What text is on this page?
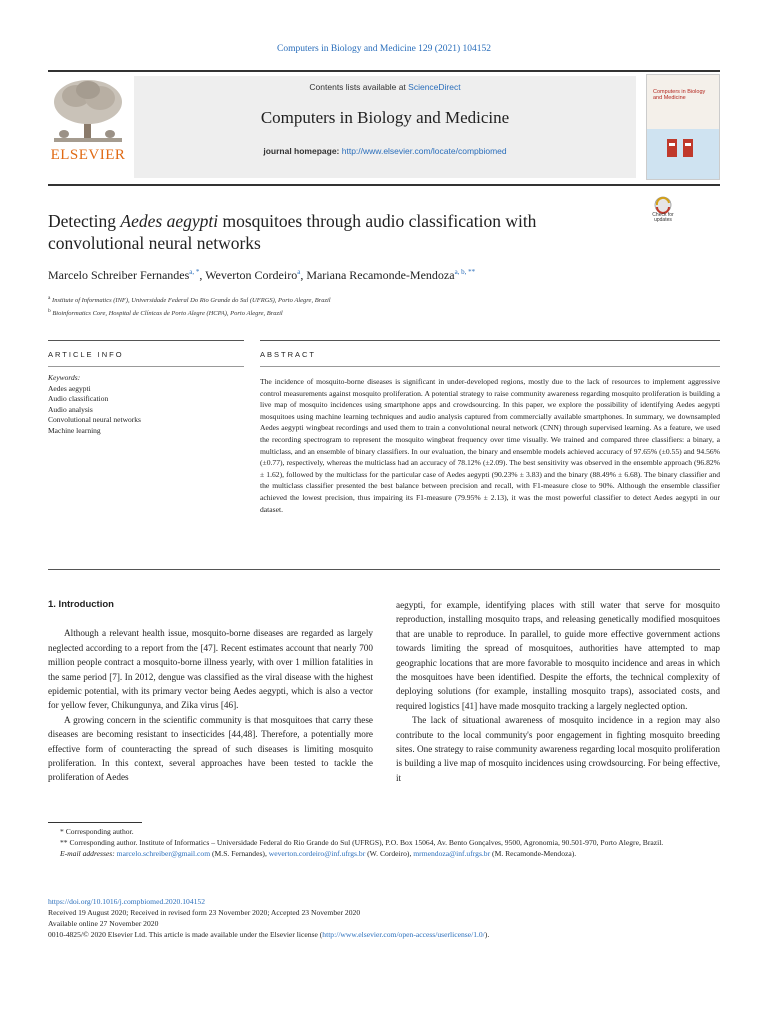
Computers in Biology and Medicine 129 (2021) 104152
ELSEVIER
Contents lists available at ScienceDirect
Computers in Biology and Medicine
journal homepage: http://www.elsevier.com/locate/compbiomed
Computers in Biology and Medicine
Check for updates
Detecting Aedes aegypti mosquitoes through audio classification with convolutional neural networks
Marcelo Schreiber Fernandes$^{a, *}$, Weverton Cordeiro$^a$, Mariana Recamonde-Mendoza$^{a, b, **}$
$^a$ Institute of Informatics (INF), Universidade Federal Do Rio Grande do Sul (UFRGS), Porto Alegre, Brazil
$^b$ Bioinformatics Core, Hospital de Clínicas de Porto Alegre (HCPA), Porto Alegre, Brazil
ARTICLE INFO	ABSTRACT
Keywords:
Aedes aegypti
Audio classification
Audio analysis
Convolutional neural networks
Machine learning

The incidence of mosquito-borne diseases is significant in under-developed regions, mostly due to the lack of resources to implement aggressive control measurements against mosquito proliferation. A potential strategy to raise community awareness regarding mosquito proliferation is building a live map of mosquito incidences using smartphone apps and crowdsourcing. In this paper, we explore the possibility of identifying Aedes aegypti mosquitoes using machine learning techniques and audio analysis captured from commercially available smartphones. In summary, we downsampled Aedes aegypti wingbeat recordings and used them to train a convolutional neural network (CNN) through supervised learning. As a feature, we used the recording spectrogram to represent the mosquito wingbeat frequency over time visually. We trained and compared three classifiers: a binary, a multiclass, and an ensemble of binary classifiers. In our evaluation, the binary and ensemble models achieved accuracy of 97.65% (±0.55) and 94.56% (±0.77), respectively, whereas the multiclass had an accuracy of 78.12% (±2.09). The best sensitivity was observed in the ensemble approach (96.82% ± 1.62), followed by the multiclass for the particular case of Aedes aegypti (90.23% ± 3.83) and the binary (88.49% ± 6.68). The binary classifier and the multiclass classifier presented the best balance between precision and recall, with F1-measure close to 90%. Although the ensemble classifier achieved the lowest precision, thus impairing its F1-measure (79.95% ± 2.13), it was the most powerful classifier to detect Aedes aegypti in our dataset.

1. Introduction

Although a relevant health issue, mosquito-borne diseases are regarded as largely neglected according to a report from the [47]. Recent estimates account that nearly 700 million people contract a mosquito-borne illness yearly, with over 1 million fatalities in the same period [7]. In 2012, dengue was classified as the viral disease with the highest epidemic potential, with its primary vector being Aedes aegypti, which is also a vector for yellow fever, Chikungunya, and Zika virus [46].

A growing concern in the scientific community is that mosquitoes that carry these diseases are becoming resistant to insecticides [44,48]. Therefore, a potentially more effective form of counteracting the spread of such diseases is limiting mosquito proliferation. In this context, several approaches have been tested to tackle the proliferation of Aedes

aegypti, for example, identifying places with still water that serve for mosquito reproduction, installing mosquito traps, and releasing genetically modified mosquitoes that are unable to reproduce. In parallel, to guide more effective government actions towards limiting the spread of mosquitoes, authorities have attempted to map geographic locations that are more favorable to mosquito incidence and areas in which the mosquitoes have been identified. Despite the efforts, the technical complexity of deploying solutions (for example, installing mosquito traps), associated costs, and required logistics [41] have made mosquito tracking a largely neglected option.

The lack of situational awareness of mosquito incidence in a region may also contribute to the local community's poor engagement in fighting mosquito breeding sites. One strategy to raise community awareness regarding local mosquito proliferation is building a live map of mosquito incidences using crowdsourcing. For being effective, it

* Corresponding author.

** Corresponding author. Institute of Informatics – Universidade Federal do Rio Grande do Sul (UFRGS), P.O. Box 15064, Av. Bento Gonçalves, 9500, Agronomia, 90.501-970, Porto Alegre, Brazil.

E-mail addresses: marcelo.schreiber@gmail.com (M.S. Fernandes), weverton.cordeiro@inf.ufrgs.br (W. Cordeiro), mrmendoza@inf.ufrgs.br (M. Recamonde-Mendoza).

https://doi.org/10.1016/j.compbiomed.2020.104152

Received 19 August 2020; Received in revised form 23 November 2020; Accepted 23 November 2020

Available online 27 November 2020

0010-4825/© 2020 Elsevier Ltd. This article is made available under the Elsevier license (http://www.elsevier.com/open-access/userlicense/1.0/).
